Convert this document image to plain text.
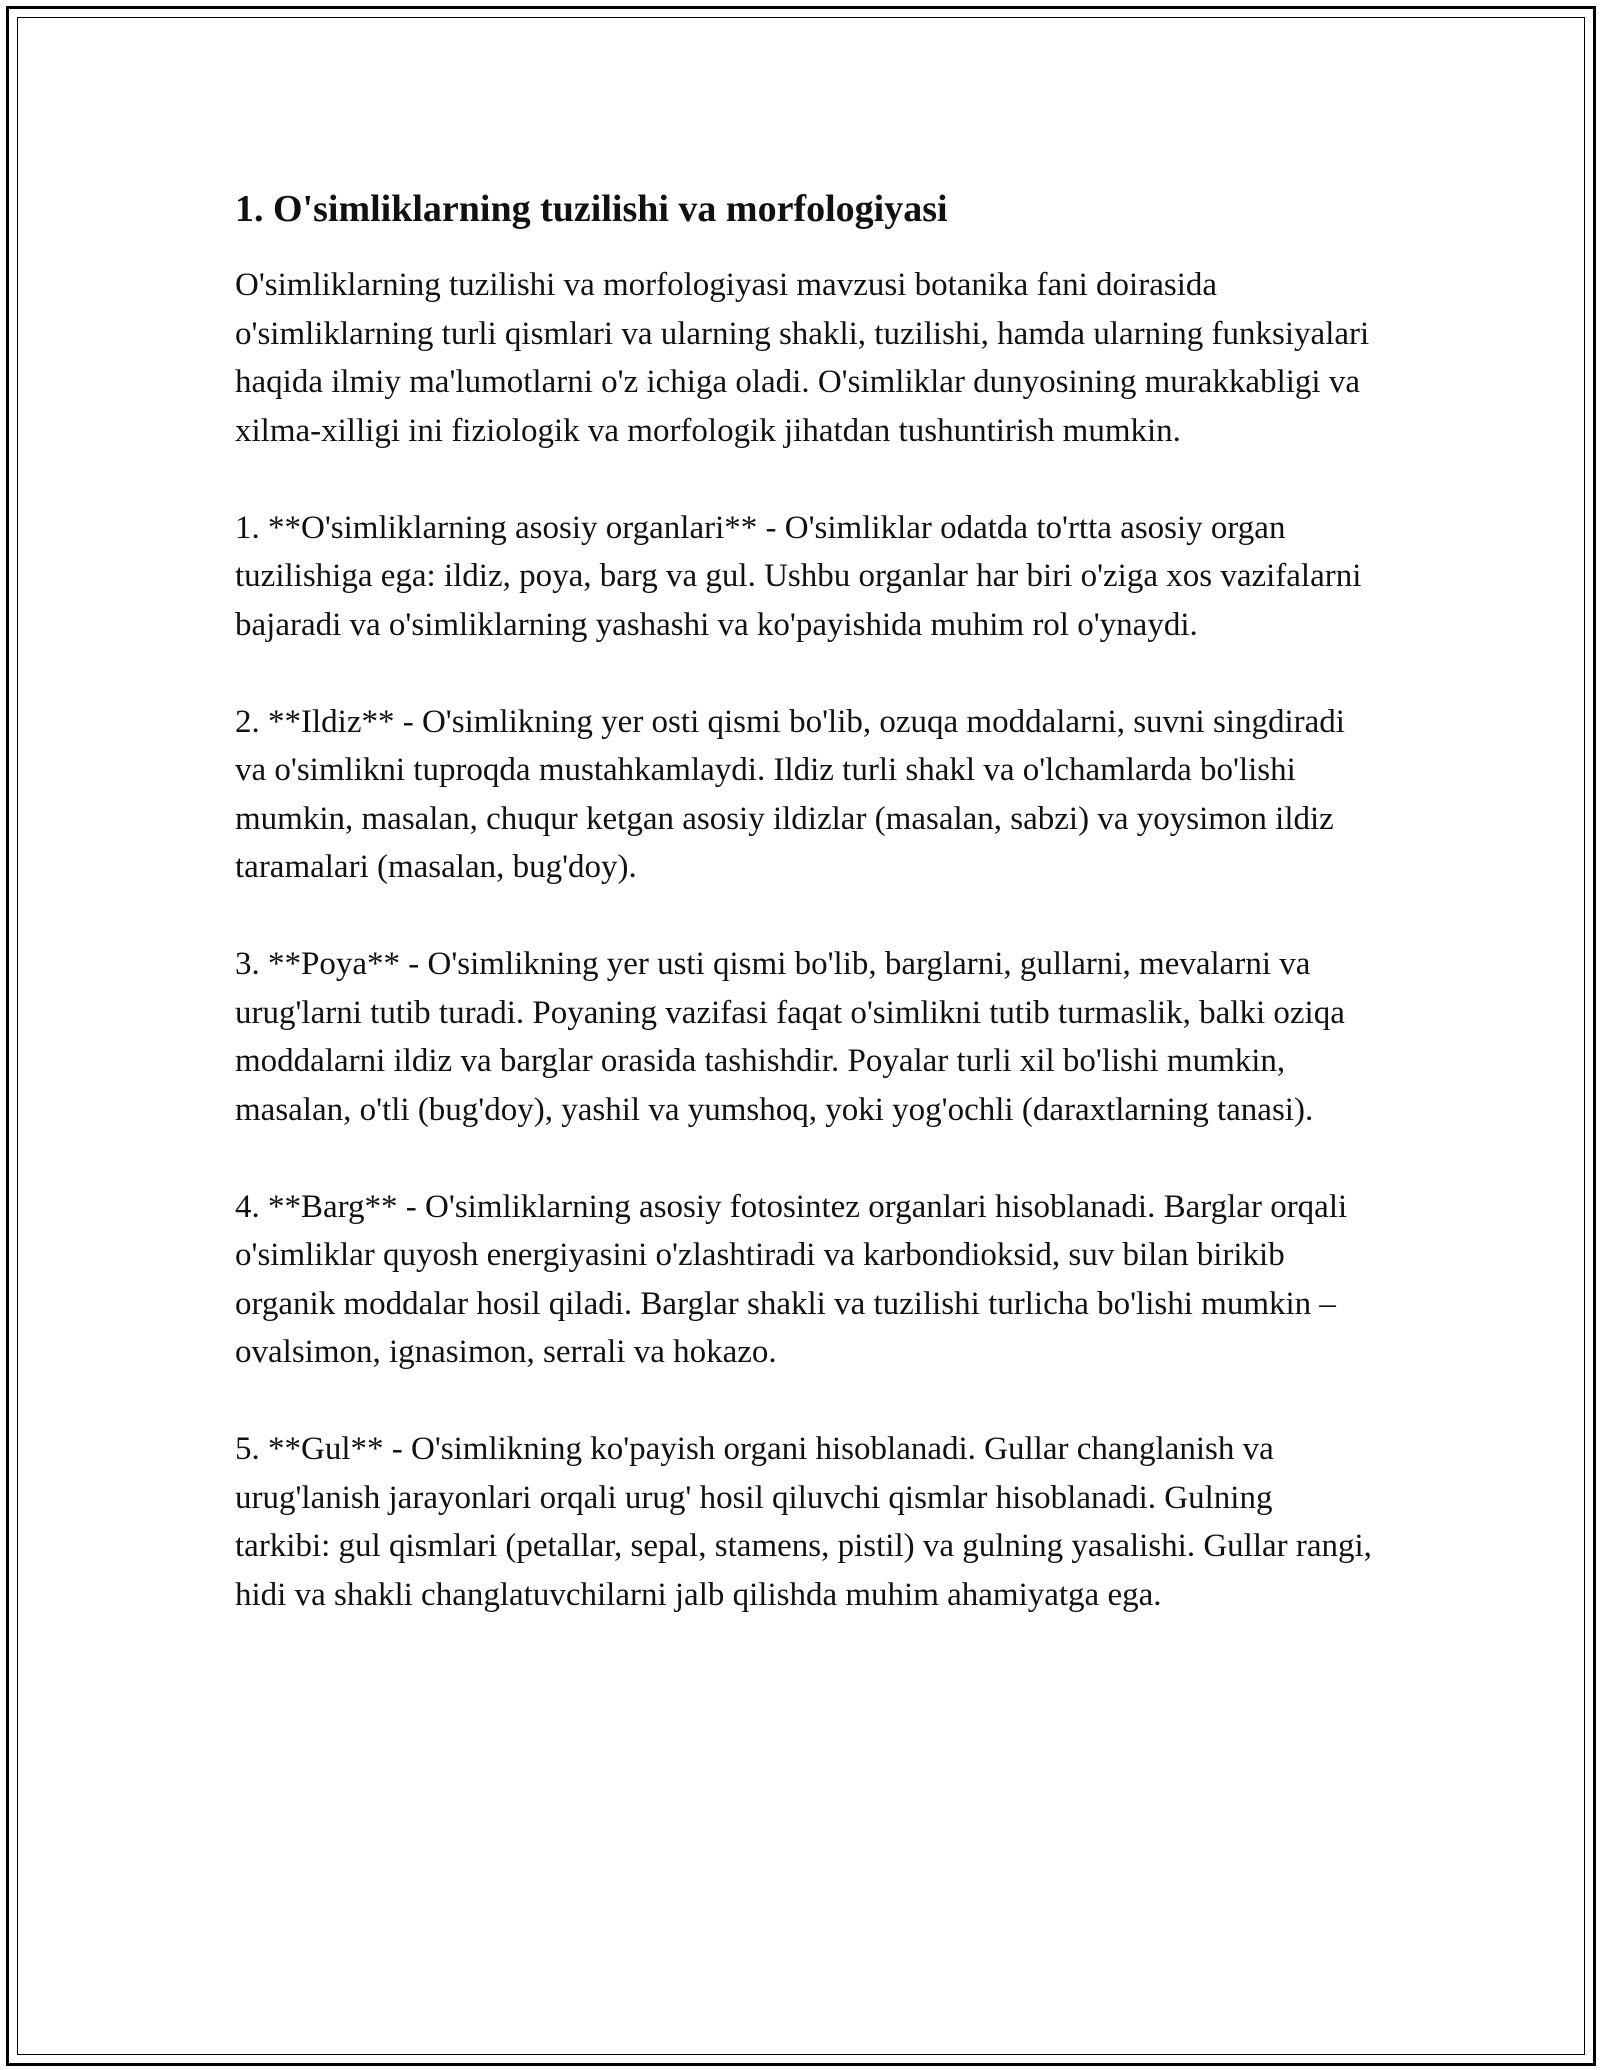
1. O'simliklarning tuzilishi va morfologiyasi

O'simliklarning tuzilishi va morfologiyasi mavzusi botanika fani doirasida o'simliklarning turli qismlari va ularning shakli, tuzilishi, hamda ularning funksiyalari haqida ilmiy ma'lumotlarni o'z ichiga oladi. O'simliklar dunyosining murakkabligi va xilma-xilligi ini fiziologik va morfologik jihatdan tushuntirish mumkin.

1. **O'simliklarning asosiy organlari** - O'simliklar odatda to'rtta asosiy organ tuzilishiga ega: ildiz, poya, barg va gul. Ushbu organlar har biri o'ziga xos vazifalarni bajaradi va o'simliklarning yashashi va ko'payishida muhim rol o'ynaydi.

2. **Ildiz** - O'simlikning yer osti qismi bo'lib, ozuqa moddalarni, suvni singdiradi va o'simlikni tuproqda mustahkamlaydi. Ildiz turli shakl va o'lchamlarda bo'lishi mumkin, masalan, chuqur ketgan asosiy ildizlar (masalan, sabzi) va yoysimon ildiz taramalari (masalan, bug'doy).

3. **Poya** - O'simlikning yer usti qismi bo'lib, barglarni, gullarni, mevalarni va urug'larni tutib turadi. Poyaning vazifasi faqat o'simlikni tutib turmaslik, balki oziqa moddalarni ildiz va barglar orasida tashishdir. Poyalar turli xil bo'lishi mumkin, masalan, o'tli (bug'doy), yashil va yumshoq, yoki yog'ochli (daraxtlarning tanasi).

4. **Barg** - O'simliklarning asosiy fotosintez organlari hisoblanadi. Barglar orqali o'simliklar quyosh energiyasini o'zlashtiradi va karbondioksid, suv bilan birikib organik moddalar hosil qiladi. Barglar shakli va tuzilishi turlicha bo'lishi mumkin – ovalsimon, ignasimon, serrali va hokazo.

5. **Gul** - O'simlikning ko'payish organi hisoblanadi. Gullar changlanish va urug'lanish jarayonlari orqali urug' hosil qiluvchi qismlar hisoblanadi. Gulning tarkibi: gul qismlari (petallar, sepal, stamens, pistil) va gulning yasalishi. Gullar rangi, hidi va shakli changlatuvchilarni jalb qilishda muhim ahamiyatga ega.
